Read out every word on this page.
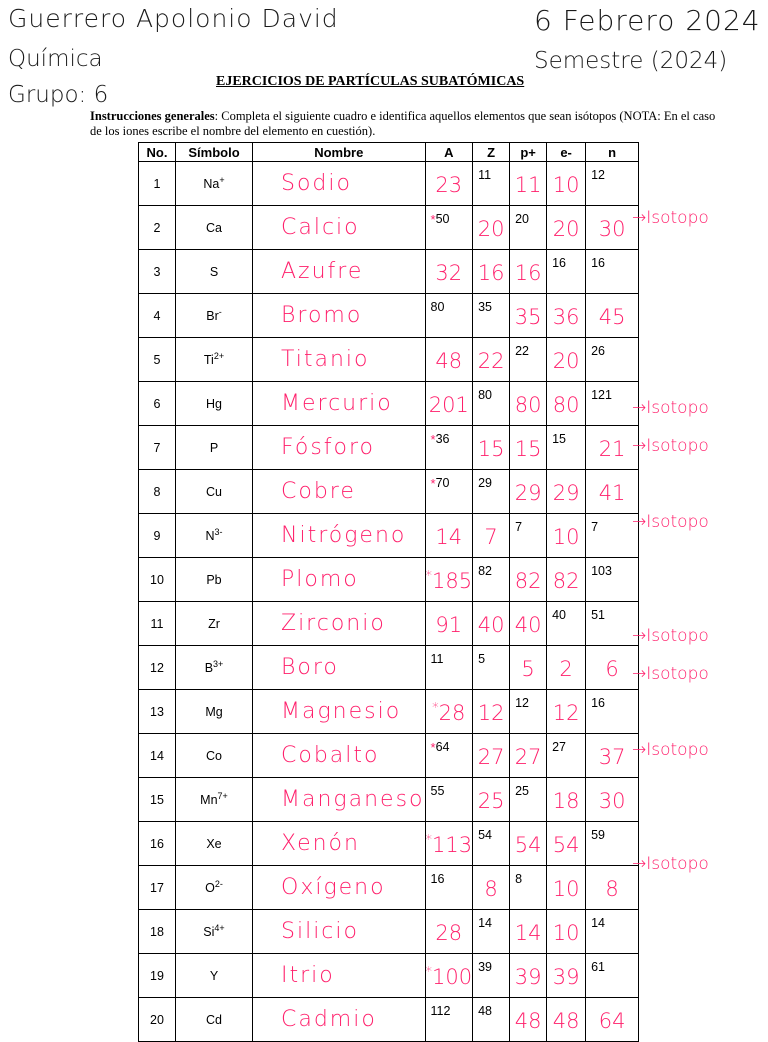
Guerrero Apolonio David
Química
Grupo: 6
6 Febrero 2024
Semestre (2024)
EJERCICIOS DE PARTÍCULAS SUBATÓMICAS
Instrucciones generales: Completa el siguiente cuadro e identifica aquellos elementos que sean isótopos (NOTA: En el caso de los iones escribe el nombre del elemento en cuestión).
No.	Símbolo	Nombre	A	Z	p+	e-	n
1	Na+	Sodio	23	11	11	10	12
2	Ca	Calcio	*50	20	20	20	30
3	S	Azufre	32	16	16	16	16
4	Br-	Bromo	80	35	35	36	45
5	$Ti^{2+}$	Titanio	48	22	22	20	26
6	Hg	Mercurio	201	80	80	80	121
7	P	Fósforo	*36	15	15	15	21
8	Cu	Cobre	*70	29	29	29	41
9	$N^{3-}$	Nitrógeno	14	7	7	10	7
10	Pb	Plomo	*185	82	82	82	103
11	Zr	Zirconio	91	40	40	40	51
12	$B^{3+}$	Boro	11	5	5	2	6
13	Mg	Magnesio	*28	12	12	12	16
14	Co	Cobalto	*64	27	27	27	37
15	$Mn^{7+}$	Manganeso	55	25	25	18	30
16	Xe	Xenón	*113	54	54	54	59
17	$O^{2-}$	Oxígeno	16	8	8	10	8
18	$Si^{4+}$	Silicio	28	14	14	10	14
19	Y	Itrio	*100	39	39	39	61
20	Cd	Cadmio	112	48	48	48	64
→Isotopo
→Isotopo
→Isotopo
→Isotopo
→Isotopo
→Isotopo
→Isotopo
→Isotopo
